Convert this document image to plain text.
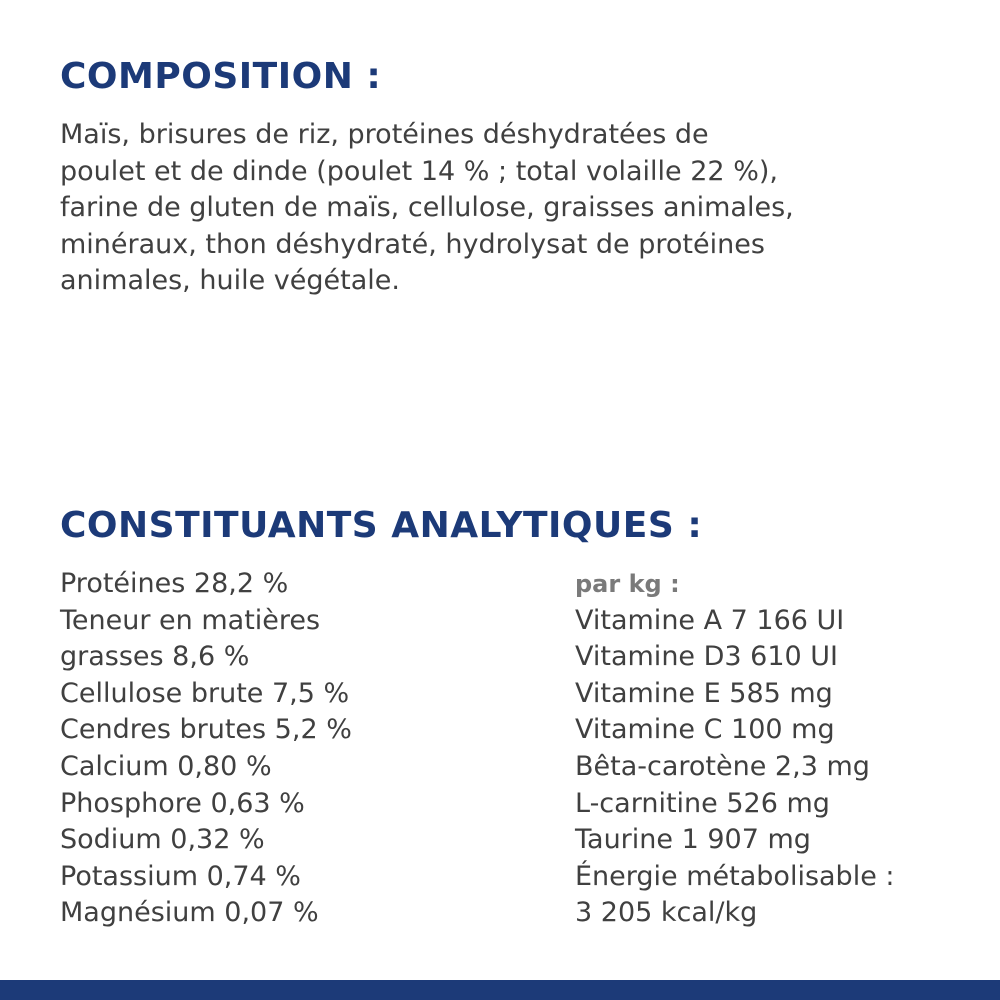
COMPOSITION :

Maïs, brisures de riz, protéines déshydratées de
poulet et de dinde (poulet 14 % ; total volaille 22 %),
farine de gluten de maïs, cellulose, graisses animales,
minéraux, thon déshydraté, hydrolysat de protéines
animales, huile végétale.

CONSTITUANTS ANALYTIQUES :
Protéines 28,2 %
Teneur en matières
grasses 8,6 %
Cellulose brute 7,5 %
Cendres brutes 5,2 %
Calcium 0,80 %
Phosphore 0,63 %
Sodium 0,32 %
Potassium 0,74 %
Magnésium 0,07 %
par kg :
Vitamine A 7 166 UI
Vitamine D3 610 UI
Vitamine E 585 mg
Vitamine C 100 mg
Bêta-carotène 2,3 mg
L-carnitine 526 mg
Taurine 1 907 mg
Énergie métabolisable :
3 205 kcal/kg
